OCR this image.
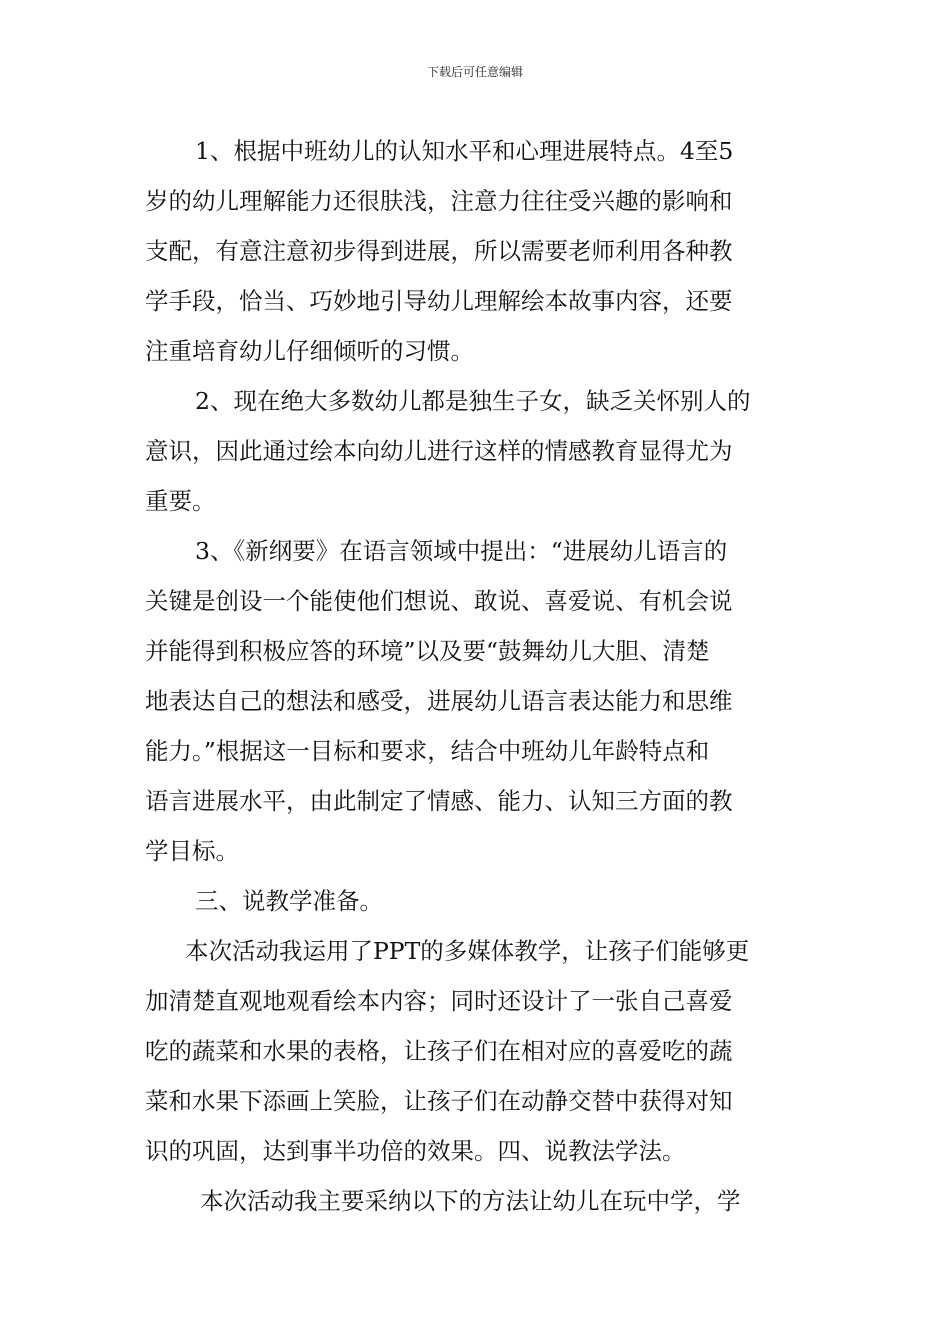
下载后可任意编辑
1、根据中班幼儿的认知水平和心理进展特点。4至5
岁的幼儿理解能力还很肤浅，注意力往往受兴趣的影响和
支配，有意注意初步得到进展，所以需要老师利用各种教
学手段，恰当、巧妙地引导幼儿理解绘本故事内容，还要
注重培育幼儿仔细倾听的习惯。
2、现在绝大多数幼儿都是独生子女，缺乏关怀别人的
意识，因此通过绘本向幼儿进行这样的情感教育显得尤为
重要。
3、《新纲要》在语言领域中提出：“进展幼儿语言的
关键是创设一个能使他们想说、敢说、喜爱说、有机会说
并能得到积极应答的环境”以及要“鼓舞幼儿大胆、清楚
地表达自己的想法和感受，进展幼儿语言表达能力和思维
能力。”根据这一目标和要求，结合中班幼儿年龄特点和
语言进展水平，由此制定了情感、能力、认知三方面的教
学目标。
三、说教学准备。
本次活动我运用了PPT的多媒体教学，让孩子们能够更
加清楚直观地观看绘本内容；同时还设计了一张自己喜爱
吃的蔬菜和水果的表格，让孩子们在相对应的喜爱吃的蔬
菜和水果下添画上笑脸，让孩子们在动静交替中获得对知
识的巩固，达到事半功倍的效果。四、说教法学法。
本次活动我主要采纳以下的方法让幼儿在玩中学，学
